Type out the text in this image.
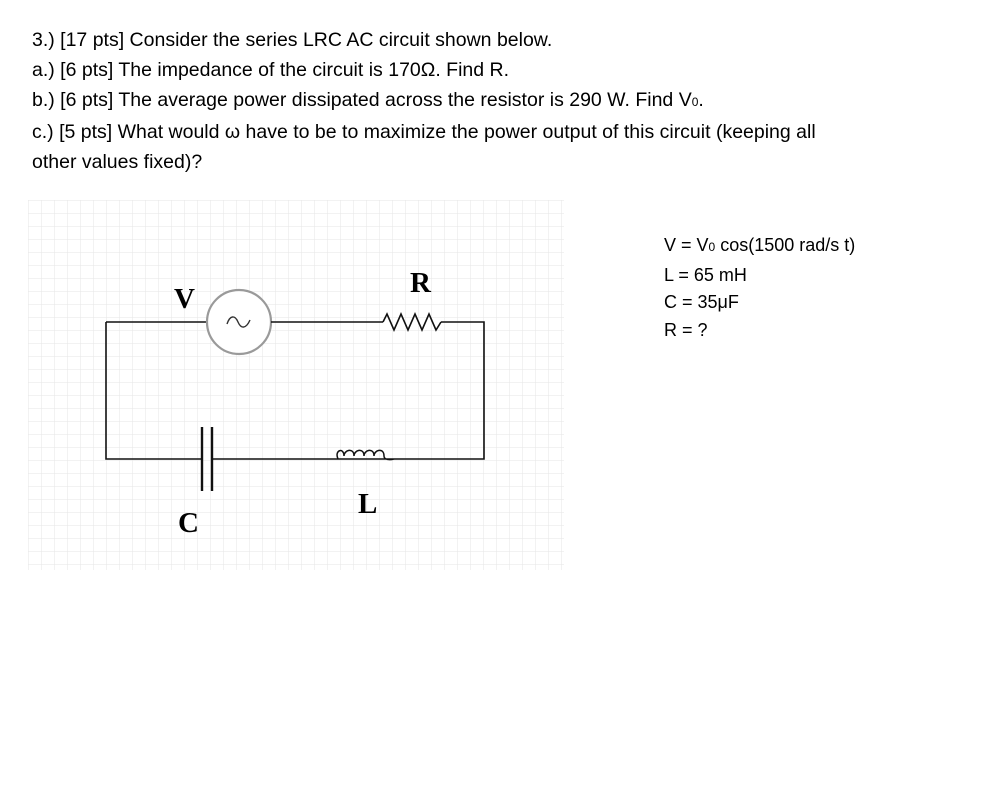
3.) [17 pts] Consider the series LRC AC circuit shown below.

a.) [6 pts] The impedance of the circuit is 170Ω. Find R.

b.) [6 pts] The average power dissipated across the resistor is 290 W. Find V0.

c.) [5 pts] What would ω have to be to maximize the power output of this circuit (keeping all

other values fixed)?

V	R
C
L

V = V0 cos(1500 rad/s t)

L = 65 mH

C = 35μF

R = ?
